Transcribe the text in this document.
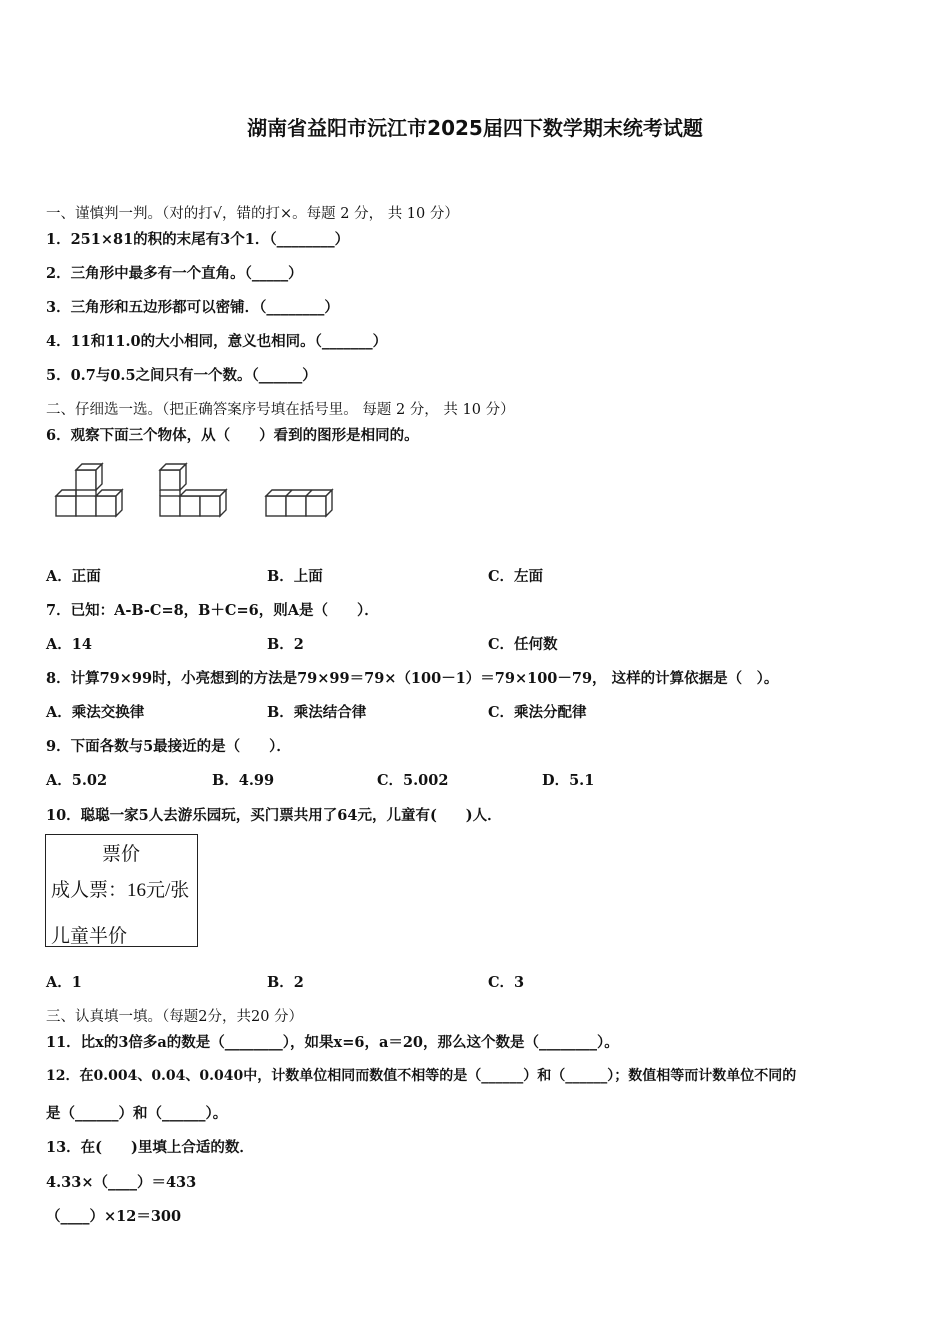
湖南省益阳市沅江市2025届四下数学期末统考试题
一、谨慎判一判。（对的打√，错的打×。每题 2 分， 共 10 分）
1．251×81的积的末尾有3个1．（________）
2．三角形中最多有一个直角。（_____）
3．三角形和五边形都可以密铺．（________）
4．11和11.0的大小相同，意义也相同。（_______）
5．0.7与0.5之间只有一个数。（______）
二、仔细选一选。（把正确答案序号填在括号里。 每题 2 分， 共 10 分）
6．观察下面三个物体，从（　　）看到的图形是相同的。
A．正面	B．上面	C．左面
7．已知：A-B-C=8，B＋C=6，则A是（　　）．
A．14	B．2	C．任何数
8．计算79×99时，小亮想到的方法是79×99＝79×（100－1）＝79×100－79， 这样的计算依据是（　）。
A．乘法交换律	B．乘法结合律	C．乘法分配律
9．下面各数与5最接近的是（　　）．
A．5.02	B．4.99	C．5.002	D．5.1
10．聪聪一家5人去游乐园玩，买门票共用了64元，儿童有(　　)人．
票价
成人票：16元/张
儿童半价
A．1	B．2	C．3
三、认真填一填。（每题2分，共20 分）
11．比x的3倍多a的数是（________），如果x=6，a＝20，那么这个数是（________）。
12．在0.004、0.04、0.040中，计数单位相同而数值不相等的是（______）和（______）；数值相等而计数单位不同的
是（______）和（______）。
13．在(　　)里填上合适的数．
4.33×（____）＝433
（____）×12＝300
